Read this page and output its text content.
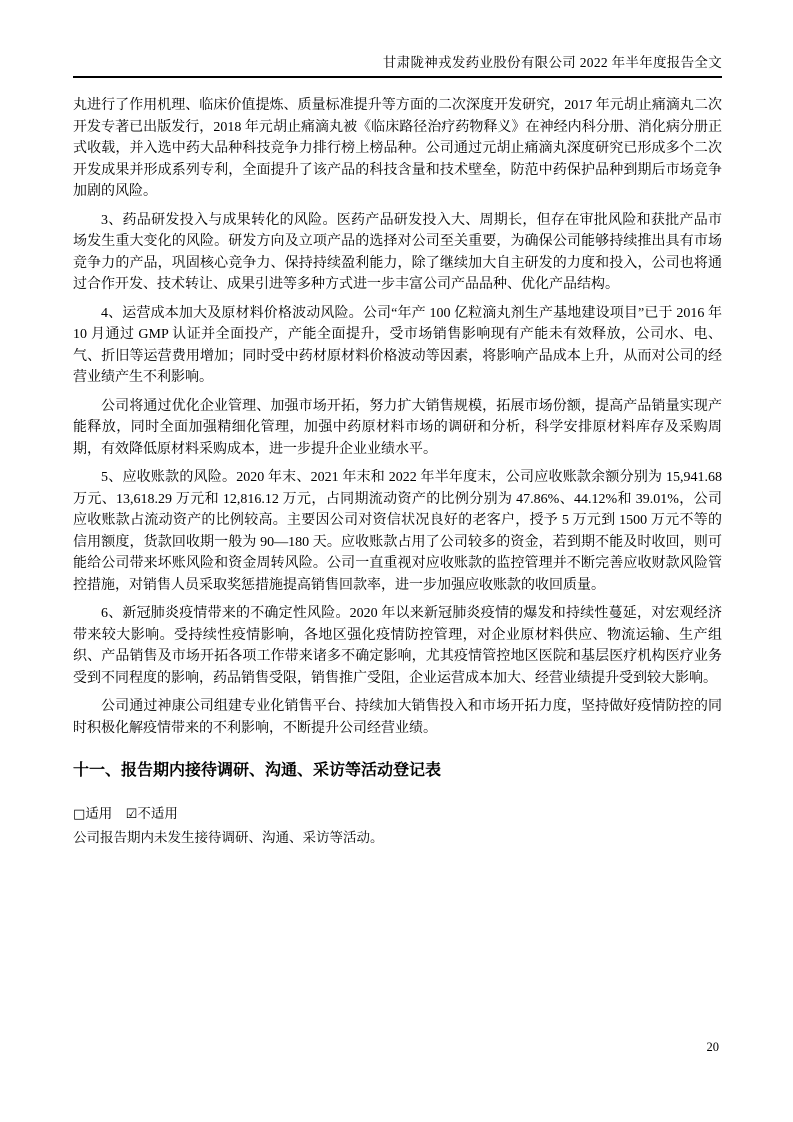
甘肃陇神戎发药业股份有限公司 2022 年半年度报告全文

丸进行了作用机理、临床价值提炼、质量标准提升等方面的二次深度开发研究，2017 年元胡止痛滴丸二次开发专著已出版发行，2018 年元胡止痛滴丸被《临床路径治疗药物释义》在神经内科分册、消化病分册正式收载，并入选中药大品种科技竞争力排行榜上榜品种。公司通过元胡止痛滴丸深度研究已形成多个二次开发成果并形成系列专利，全面提升了该产品的科技含量和技术壁垒，防范中药保护品种到期后市场竞争加剧的风险。

3、药品研发投入与成果转化的风险。医药产品研发投入大、周期长，但存在审批风险和获批产品市场发生重大变化的风险。研发方向及立项产品的选择对公司至关重要，为确保公司能够持续推出具有市场竞争力的产品，巩固核心竞争力、保持持续盈利能力，除了继续加大自主研发的力度和投入，公司也将通过合作开发、技术转让、成果引进等多种方式进一步丰富公司产品品种、优化产品结构。

4、运营成本加大及原材料价格波动风险。公司“年产 100 亿粒滴丸剂生产基地建设项目”已于 2016 年 10 月通过 GMP 认证并全面投产，产能全面提升，受市场销售影响现有产能未有效释放，公司水、电、气、折旧等运营费用增加；同时受中药材原材料价格波动等因素，将影响产品成本上升，从而对公司的经营业绩产生不利影响。

公司将通过优化企业管理、加强市场开拓，努力扩大销售规模，拓展市场份额，提高产品销量实现产能释放，同时全面加强精细化管理，加强中药原材料市场的调研和分析，科学安排原材料库存及采购周期，有效降低原材料采购成本，进一步提升企业业绩水平。

5、应收账款的风险。2020 年末、2021 年末和 2022 年半年度末，公司应收账款余额分别为 15,941.68 万元、13,618.29 万元和 12,816.12 万元，占同期流动资产的比例分别为 47.86%、44.12%和 39.01%，公司应收账款占流动资产的比例较高。主要因公司对资信状况良好的老客户，授予 5 万元到 1500 万元不等的信用额度，货款回收期一般为 90—180 天。应收账款占用了公司较多的资金，若到期不能及时收回，则可能给公司带来坏账风险和资金周转风险。公司一直重视对应收账款的监控管理并不断完善应收财款风险管控措施，对销售人员采取奖惩措施提高销售回款率，进一步加强应收账款的收回质量。

6、新冠肺炎疫情带来的不确定性风险。2020 年以来新冠肺炎疫情的爆发和持续性蔓延，对宏观经济带来较大影响。受持续性疫情影响，各地区强化疫情防控管理，对企业原材料供应、物流运输、生产组织、产品销售及市场开拓各项工作带来诸多不确定影响，尤其疫情管控地区医院和基层医疗机构医疗业务受到不同程度的影响，药品销售受限，销售推广受阻，企业运营成本加大、经营业绩提升受到较大影响。

公司通过神康公司组建专业化销售平台、持续加大销售投入和市场开拓力度，坚持做好疫情防控的同时积极化解疫情带来的不利影响，不断提升公司经营业绩。

十一、报告期内接待调研、沟通、采访等活动登记表
□适用 ☑不适用

公司报告期内未发生接待调研、沟通、采访等活动。

20
